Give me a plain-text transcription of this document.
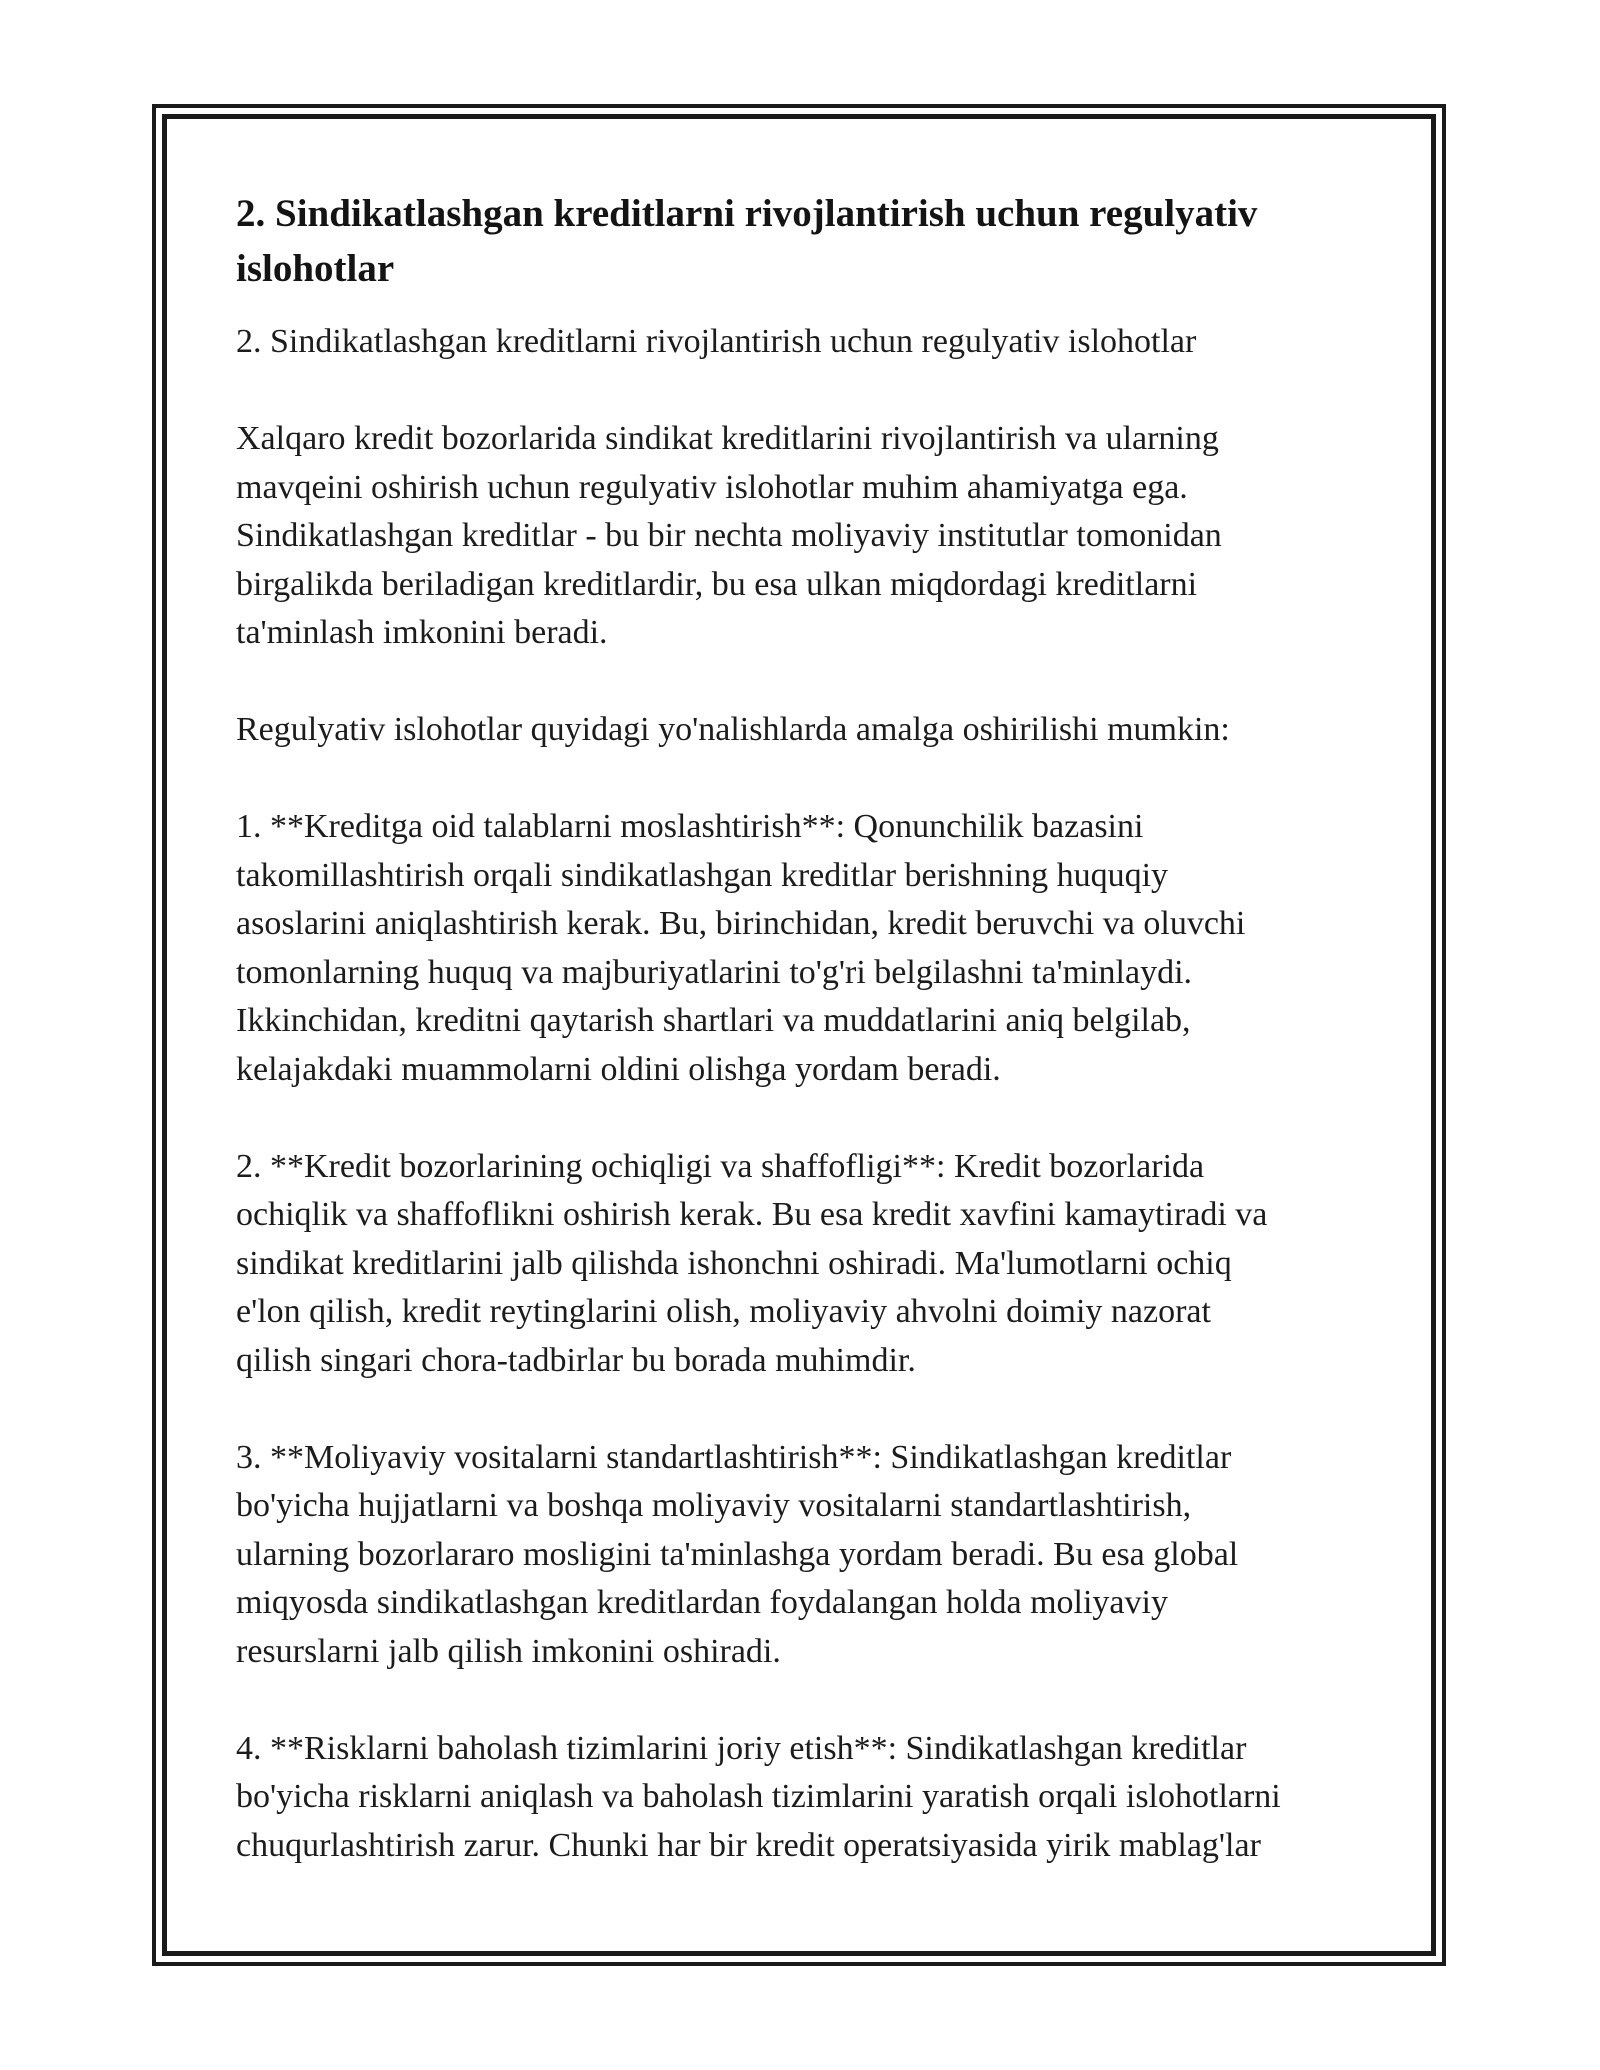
2. Sindikatlashgan kreditlarni rivojlantirish uchun regulyativ
islohotlar

2. Sindikatlashgan kreditlarni rivojlantirish uchun regulyativ islohotlar

Xalqaro kredit bozorlarida sindikat kreditlarini rivojlantirish va ularning
mavqeini oshirish uchun regulyativ islohotlar muhim ahamiyatga ega.
Sindikatlashgan kreditlar - bu bir nechta moliyaviy institutlar tomonidan
birgalikda beriladigan kreditlardir, bu esa ulkan miqdordagi kreditlarni
ta'minlash imkonini beradi.

Regulyativ islohotlar quyidagi yo'nalishlarda amalga oshirilishi mumkin:

1. **Kreditga oid talablarni moslashtirish**: Qonunchilik bazasini
takomillashtirish orqali sindikatlashgan kreditlar berishning huquqiy
asoslarini aniqlashtirish kerak. Bu, birinchidan, kredit beruvchi va oluvchi
tomonlarning huquq va majburiyatlarini to'g'ri belgilashni ta'minlaydi.
Ikkinchidan, kreditni qaytarish shartlari va muddatlarini aniq belgilab,
kelajakdaki muammolarni oldini olishga yordam beradi.

2. **Kredit bozorlarining ochiqligi va shaffofligi**: Kredit bozorlarida
ochiqlik va shaffoflikni oshirish kerak. Bu esa kredit xavfini kamaytiradi va
sindikat kreditlarini jalb qilishda ishonchni oshiradi. Ma'lumotlarni ochiq
e'lon qilish, kredit reytinglarini olish, moliyaviy ahvolni doimiy nazorat
qilish singari chora-tadbirlar bu borada muhimdir.

3. **Moliyaviy vositalarni standartlashtirish**: Sindikatlashgan kreditlar
bo'yicha hujjatlarni va boshqa moliyaviy vositalarni standartlashtirish,
ularning bozorlararo mosligini ta'minlashga yordam beradi. Bu esa global
miqyosda sindikatlashgan kreditlardan foydalangan holda moliyaviy
resurslarni jalb qilish imkonini oshiradi.

4. **Risklarni baholash tizimlarini joriy etish**: Sindikatlashgan kreditlar
bo'yicha risklarni aniqlash va baholash tizimlarini yaratish orqali islohotlarni
chuqurlashtirish zarur. Chunki har bir kredit operatsiyasida yirik mablag'lar
